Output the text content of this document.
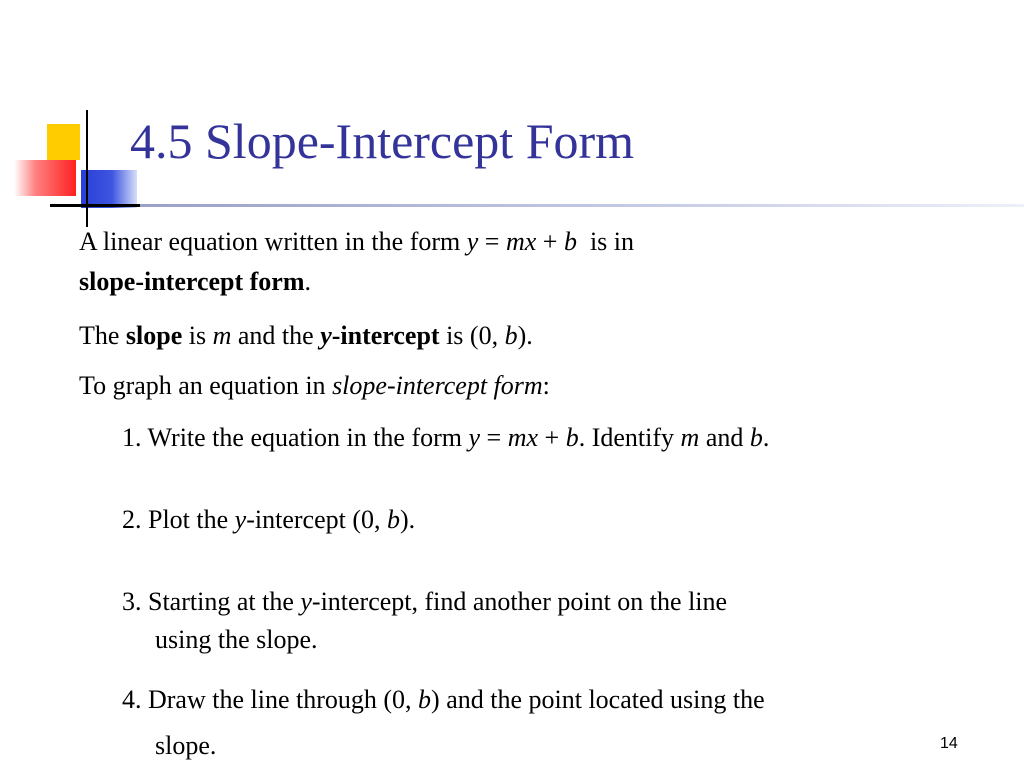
4.5 Slope-Intercept Form
A linear equation written in the form y = mx + b  is in
slope-intercept form.
The slope is m and the y-intercept is (0, b).
To graph an equation in slope-intercept form:
1. Write the equation in the form y = mx + b. Identify m and b.
2. Plot the y-intercept (0, b).
3. Starting at the y-intercept, find another point on the line
using the slope.
4. Draw the line through (0, b) and the point located using the
slope.	14
